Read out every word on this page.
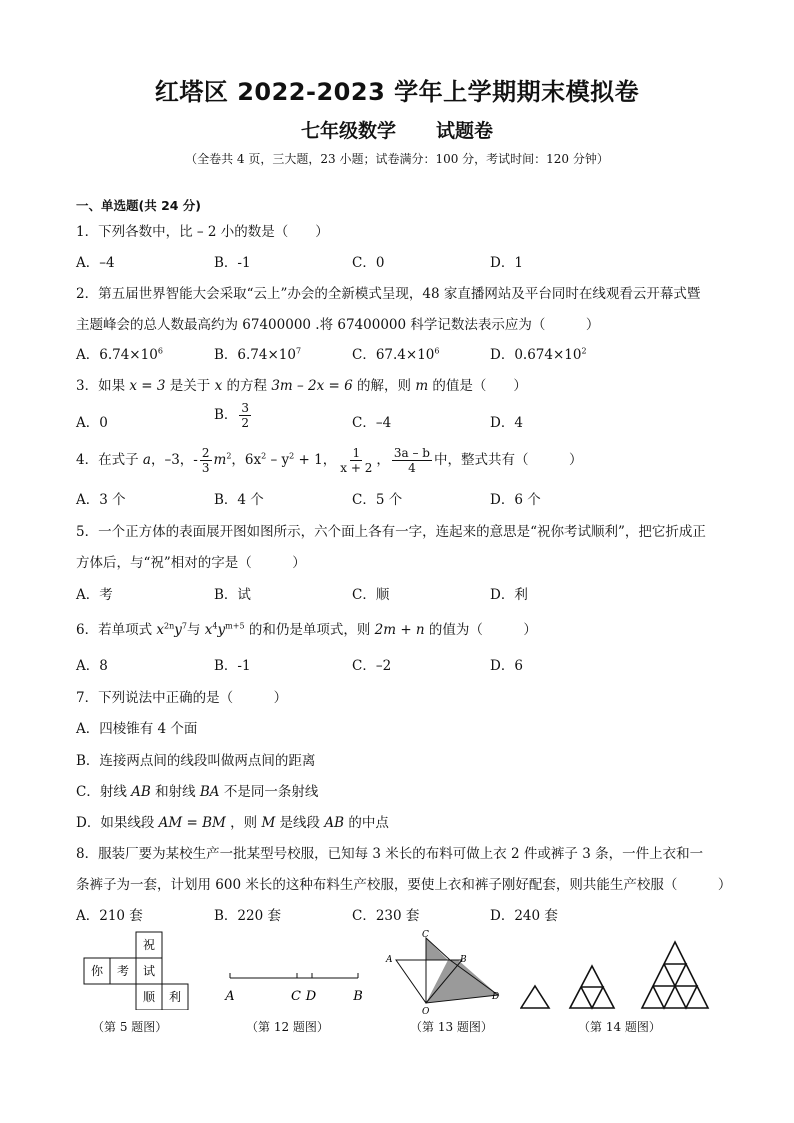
红塔区 2022-2023 学年上学期期末模拟卷
七年级数学 试题卷
（全卷共 4 页，三大题，23 小题；试卷满分：100 分，考试时间：120 分钟）
一、单选题(共 24 分)
1．下列各数中，比 – 2 小的数是（　　）
A．–4	B．-1	C．0	D．1
2．第五届世界智能大会采取“云上”办会的全新模式呈现，48 家直播网站及平台同时在线观看云开幕式暨
主题峰会的总人数最高约为 67400000 .将 67400000 科学记数法表示应为（　　　）
A．$6.74\times 10^6$	B．$6.74\times 10^7$	C．$67.4\times 10^6$	D．$0.674\times 10^2$
3．如果 x = 3 是关于 x 的方程 3m – 2x = 6 的解，则 m 的值是（　　）
A．0	B． $\frac{3}{2}$	C．–4	D．4
4．在式子 a，–3，- $\frac{2}{3} m^2$，$6x^2 - y^2 + 1$， $\frac{1}{x + 2}$ ， $\frac{3a - b}{4}$ 中，整式共有（　　　）
A．3 个	B．4 个	C．5 个	D．6 个
5．一个正方体的表面展开图如图所示，六个面上各有一字，连起来的意思是“祝你考试顺利”，把它折成正
方体后，与“祝”相对的字是（　　　）
A．考	B．试	C．顺	D．利
6．若单项式 $x^{2n}y^7$与 $x^4y^{m+5}$ 的和仍是单项式，则 2m + n 的值为（　　　）
A．8	B．-1	C．–2	D．6
7．下列说法中正确的是（　　　）
A．四棱锥有 4 个面
B．连接两点间的线段叫做两点间的距离
C．射线 AB 和射线 BA 不是同一条射线
D．如果线段 AM = BM ，则 M 是线段 AB 的中点
8．服装厂要为某校生产一批某型号校服，已知每 3 米长的布料可做上衣 2 件或裤子 3 条，一件上衣和一
条裤子为一套，计划用 600 米长的这种布料生产校服，要使上衣和裤子刚好配套，则共能生产校服（　　　）
A．210 套	B．220 套	C．230 套	D．240 套
祝
你 考 试
顺 利
（第 5 题图）
A	C D	B
（第 12 题图）
C
A	B
O
D
（第 13 题图）	（第 14 题图）
